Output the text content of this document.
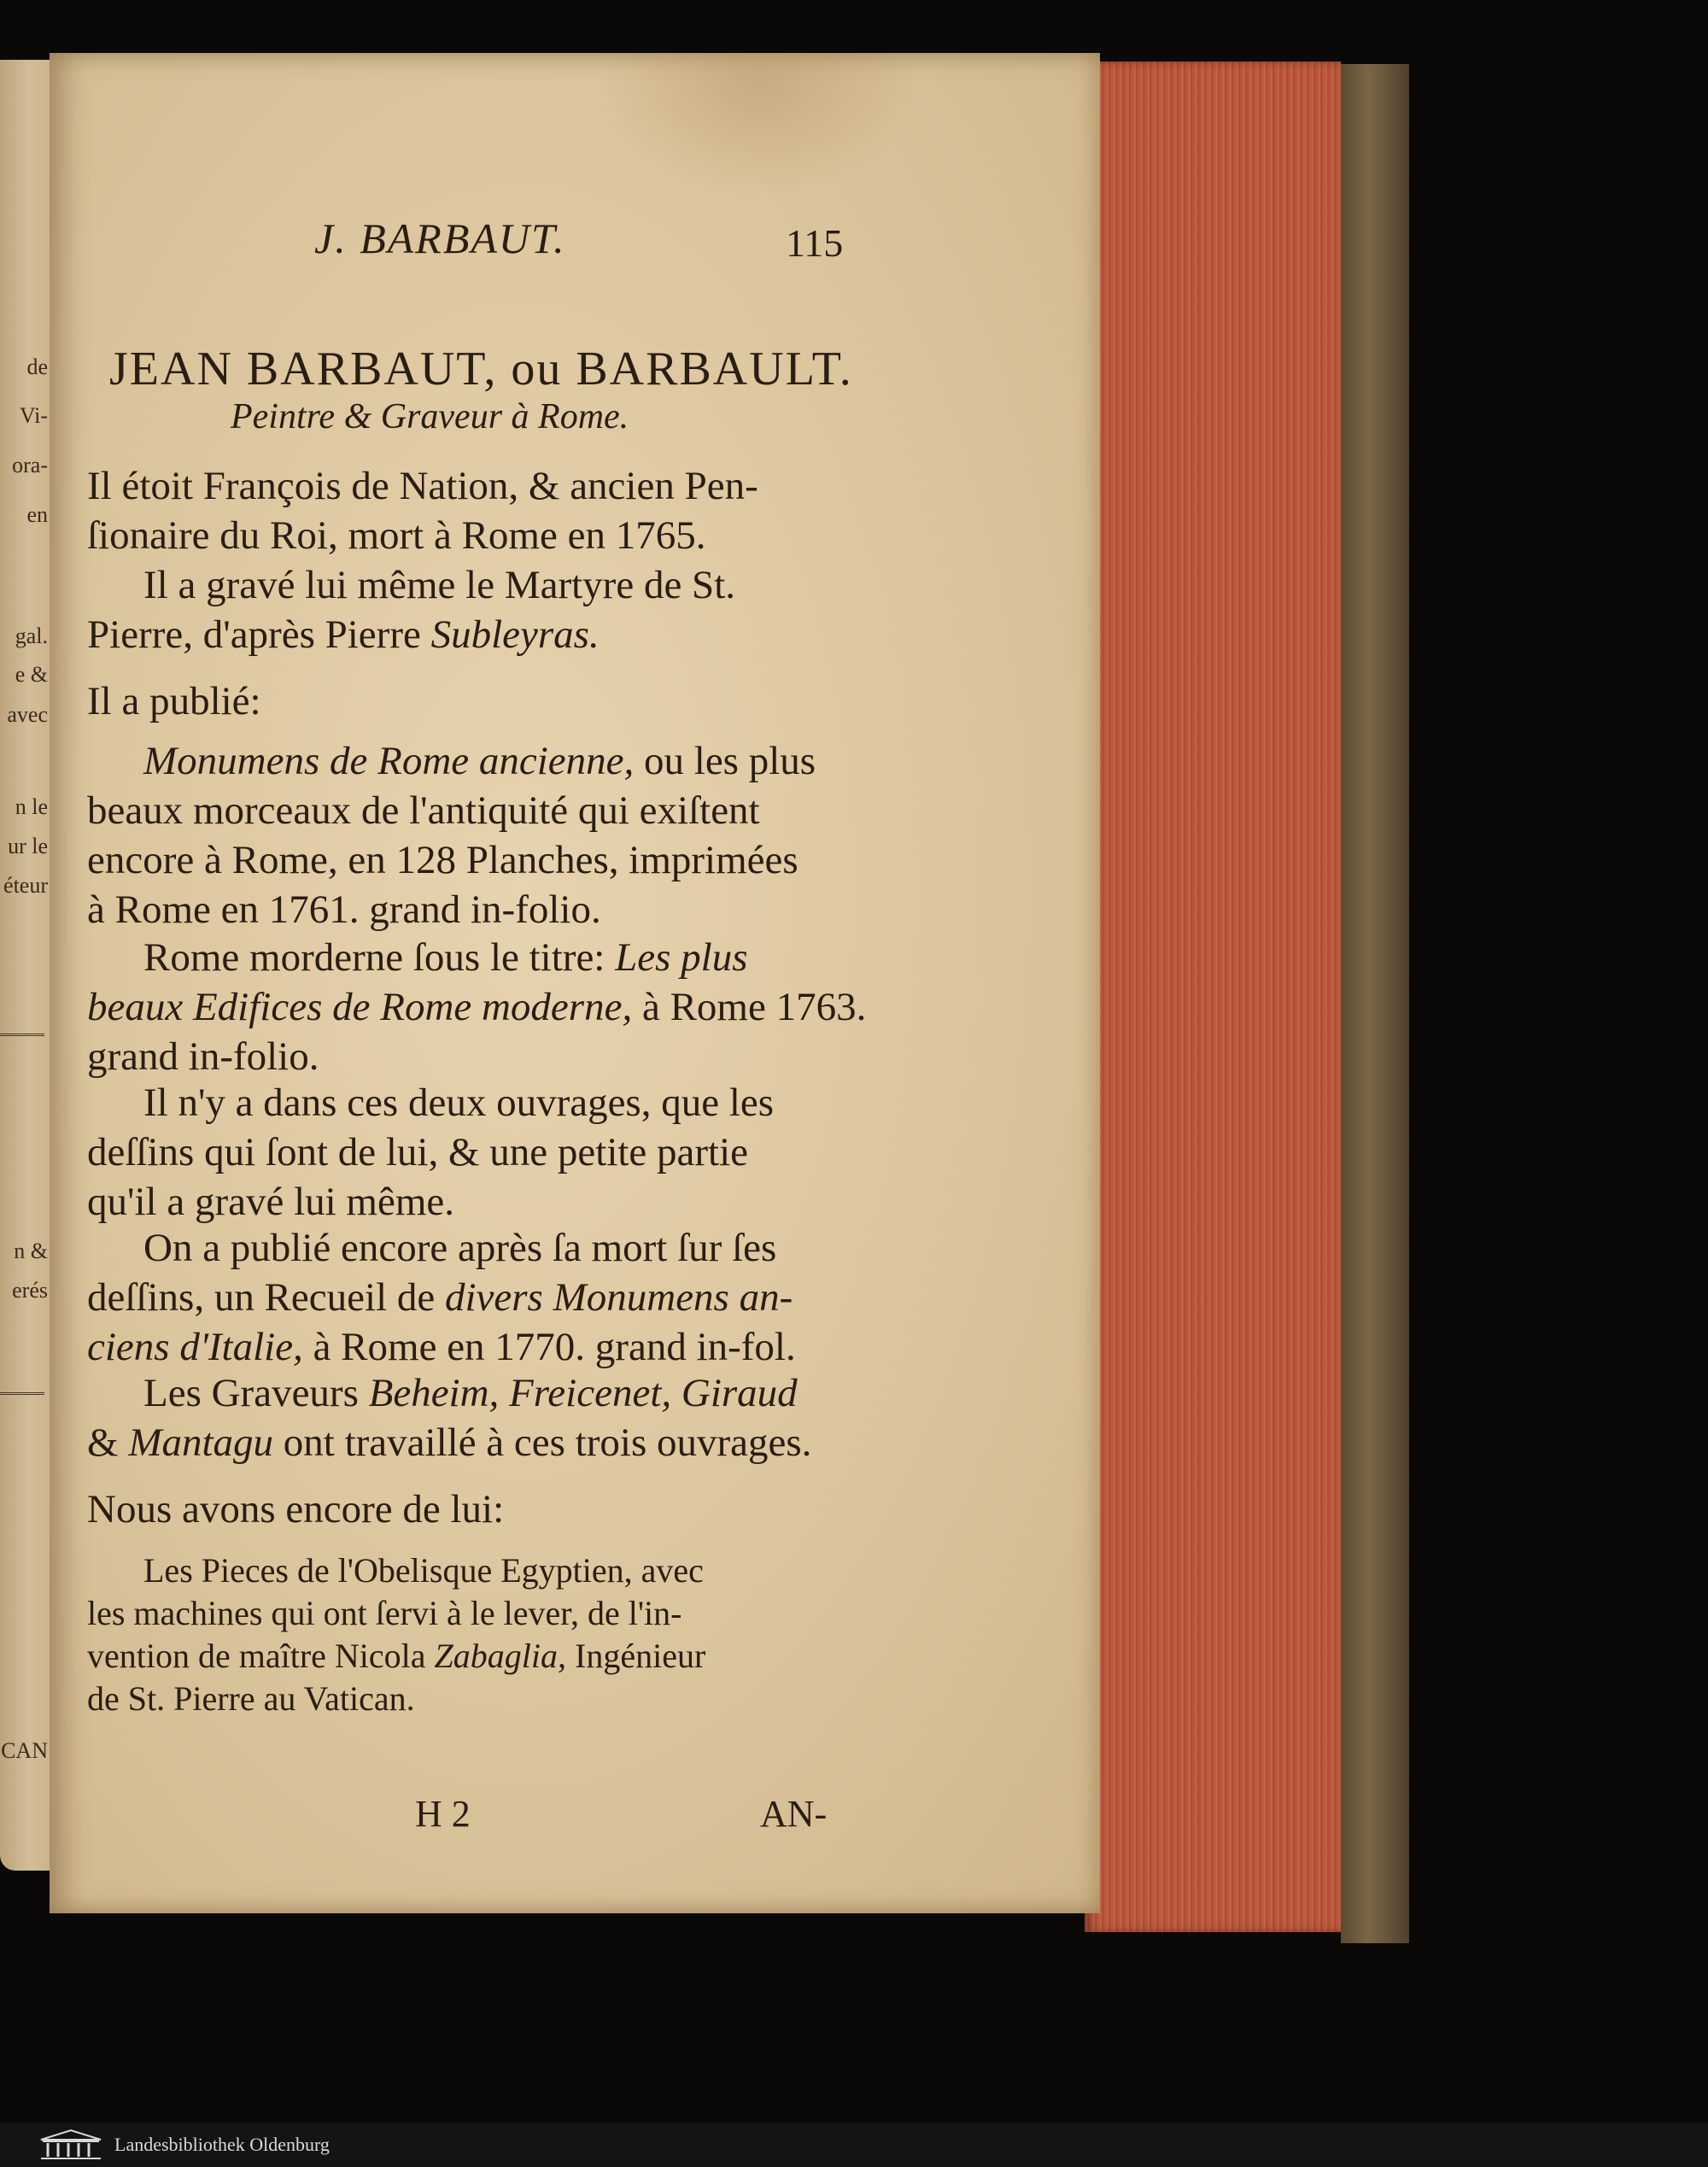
de
Vi-
ora-
en
gal.
e &
avec
n le
ur le
éteur
n &
erés
CAN
J. BARBAUT.	115
JEAN BARBAUT, ou BARBAULT.
Peintre & Graveur à Rome.
Il étoit François de Nation, & ancien Pen-
ſionaire du Roi, mort à Rome en 1765.
Il a gravé lui même le Martyre de St.
Pierre, d'après Pierre Subleyras.
Il a publié:
Monumens de Rome ancienne, ou les plus
beaux morceaux de l'antiquité qui exiſtent
encore à Rome, en 128 Planches, imprimées
à Rome en 1761. grand in-folio.
Rome morderne ſous le titre: Les plus
beaux Edifices de Rome moderne, à Rome 1763.
grand in-folio.
Il n'y a dans ces deux ouvrages, que les
deſſins qui ſont de lui, & une petite partie
qu'il a gravé lui même.
On a publié encore après ſa mort ſur ſes
deſſins, un Recueil de divers Monumens an-
ciens d'Italie, à Rome en 1770. grand in-fol.
Les Graveurs Beheim, Freicenet, Giraud
& Mantagu ont travaillé à ces trois ouvrages.
Nous avons encore de lui:
Les Pieces de l'Obelisque Egyptien, avec
les machines qui ont ſervi à le lever, de l'in-
vention de maître Nicola Zabaglia, Ingénieur
de St. Pierre au Vatican.
H 2	AN-
Landesbibliothek Oldenburg
